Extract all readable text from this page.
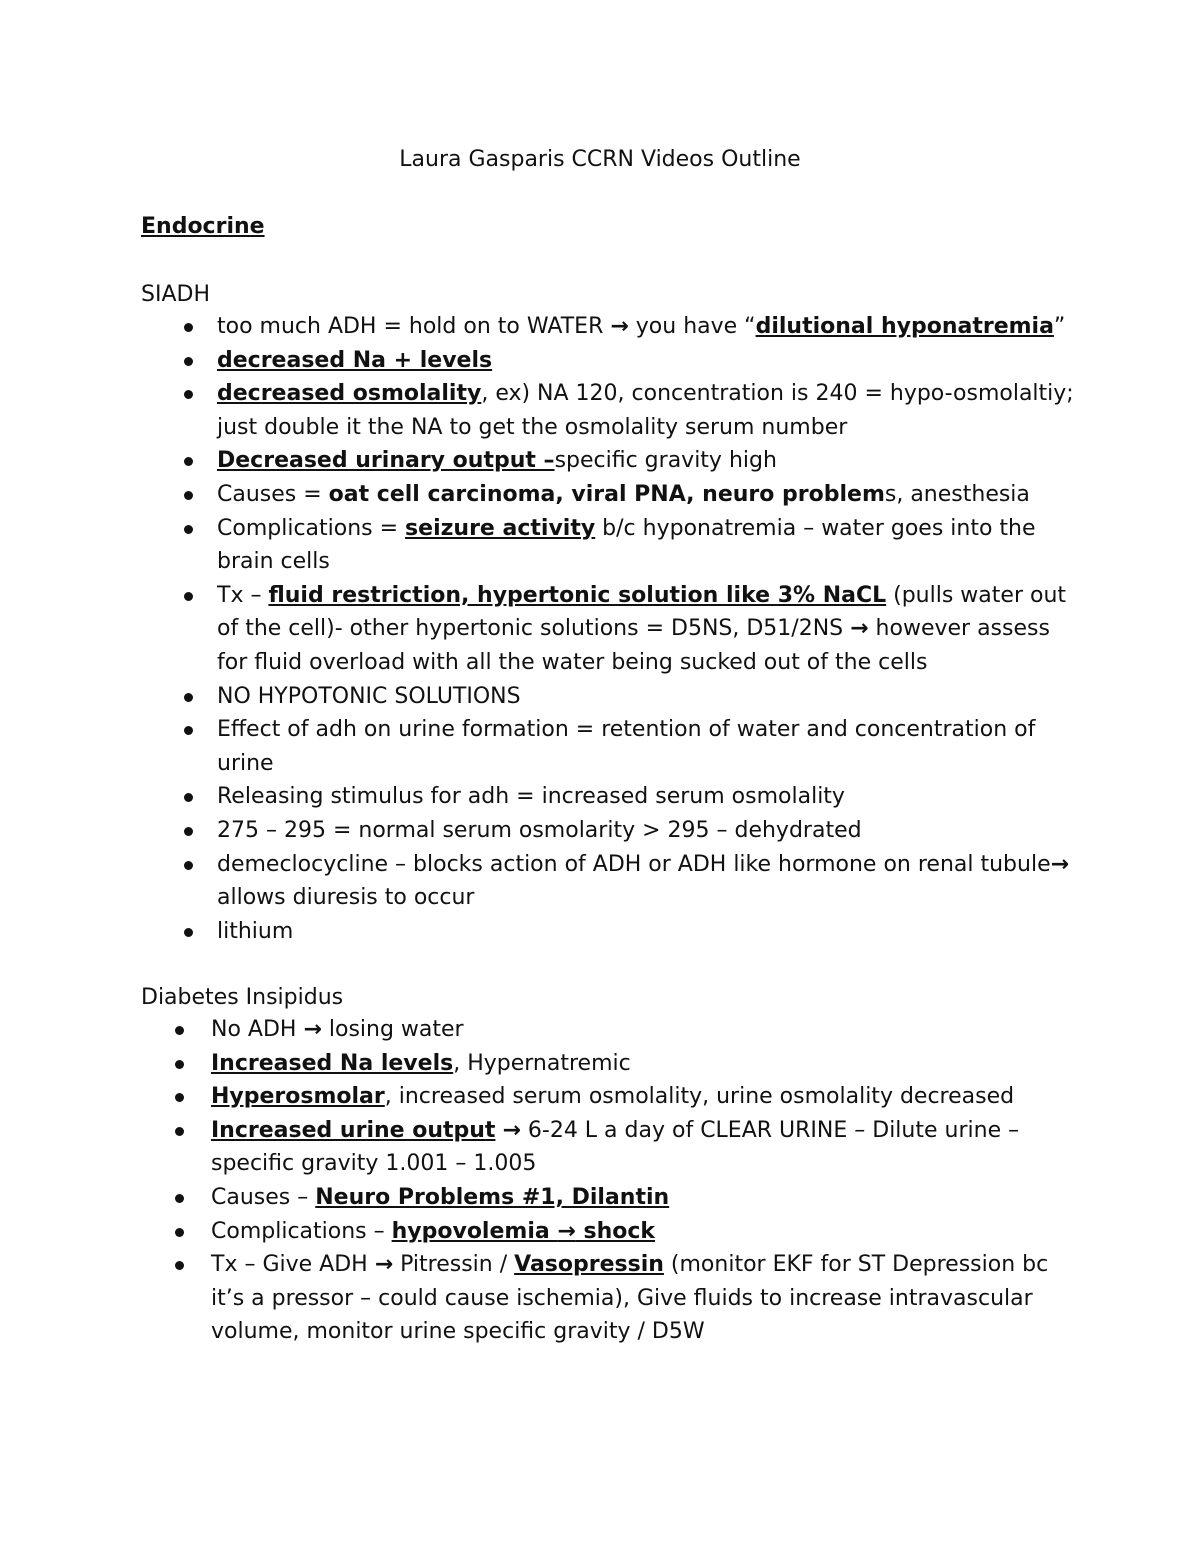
Laura Gasparis CCRN Videos Outline
Endocrine
SIADH
too much ADH = hold on to WATER → you have “dilutional hyponatremia”
decreased Na + levels
decreased osmolality, ex) NA 120, concentration is 240 = hypo-osmolaltiy; just double it the NA to get the osmolality serum number
Decreased urinary output –specific gravity high
Causes = oat cell carcinoma, viral PNA, neuro problems, anesthesia
Complications = seizure activity b/c hyponatremia – water goes into the brain cells
Tx – fluid restriction, hypertonic solution like 3% NaCL (pulls water out of the cell)- other hypertonic solutions = D5NS, D51/2NS → however assess for fluid overload with all the water being sucked out of the cells
NO HYPOTONIC SOLUTIONS
Effect of adh on urine formation = retention of water and concentration of urine
Releasing stimulus for adh = increased serum osmolality
275 – 295 = normal serum osmolarity > 295 – dehydrated
demeclocycline – blocks action of ADH or ADH like hormone on renal tubule→ allows diuresis to occur
lithium
Diabetes Insipidus
No ADH → losing water
Increased Na levels, Hypernatremic
Hyperosmolar, increased serum osmolality, urine osmolality decreased
Increased urine output → 6-24 L a day of CLEAR URINE – Dilute urine – specific gravity 1.001 – 1.005
Causes – Neuro Problems #1, Dilantin
Complications – hypovolemia → shock
Tx – Give ADH → Pitressin / Vasopressin (monitor EKF for ST Depression bc it’s a pressor – could cause ischemia), Give fluids to increase intravascular volume, monitor urine specific gravity / D5W
